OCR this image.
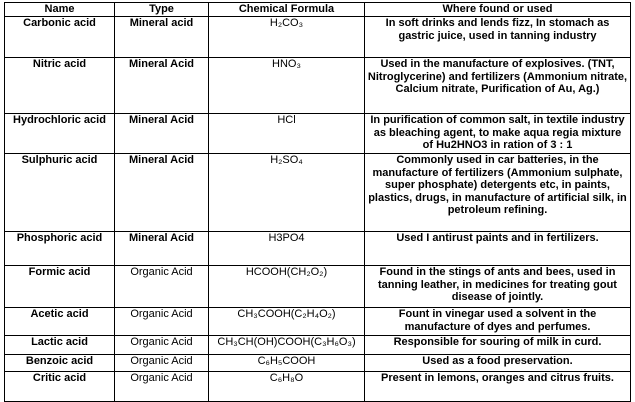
Name	Type	Chemical Formula	Where found or used
Carbonic acid	Mineral acid	H₂CO₃	In soft drinks and lends fizz, In stomach as gastric juice, used in tanning industry
Nitric acid	Mineral Acid	HNO₃	Used in the manufacture of explosives. (TNT, Nitroglycerine) and fertilizers (Ammonium nitrate, Calcium nitrate, Purification of Au, Ag.)
Hydrochloric acid	Mineral Acid	HCl	In purification of common salt, in textile industry as bleaching agent, to make aqua regia mixture of Hu2HNO3 in ration of 3 : 1
Sulphuric acid	Mineral Acid	H₂SO₄	Commonly used in car batteries, in the manufacture of fertilizers (Ammonium sulphate, super phosphate) detergents etc, in paints, plastics, drugs, in manufacture of artificial silk, in petroleum refining.
Phosphoric acid	Mineral Acid	H3PO4	Used I antirust paints and in fertilizers.
Formic acid	Organic Acid	HCOOH(CH₂O₂)	Found in the stings of ants and bees, used in tanning leather, in medicines for treating gout disease of jointly.
Acetic acid	Organic Acid	CH₃COOH(C₂H₄O₂)	Fount in vinegar used a solvent in the manufacture of dyes and perfumes.
Lactic acid	Organic Acid	CH₃CH(OH)COOH(C₃H₆O₃)	Responsible for souring of milk in curd.
Benzoic acid	Organic Acid	C₆H₅COOH	Used as a food preservation.
Critic acid	Organic Acid	C₆H₈O	Present in lemons, oranges and citrus fruits.
